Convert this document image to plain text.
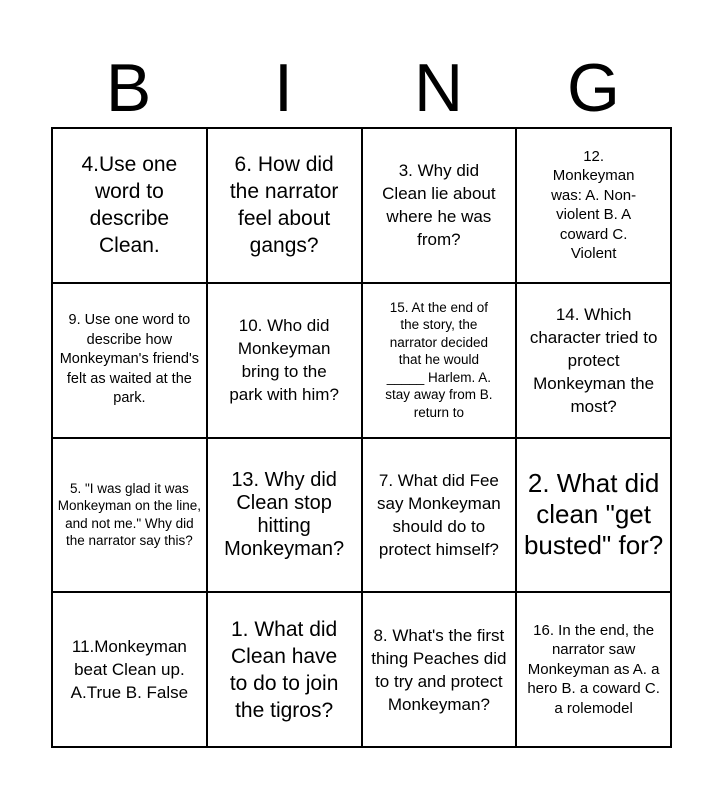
B	I	N	G
4.Use one word to describe Clean.
6. How did the narrator feel about gangs?
3. Why did Clean lie about where he was from?
12. Monkeyman was: A. Non-violent B. A coward C. Violent
9. Use one word to describe how Monkeyman's friend's felt as waited at the park.
10. Who did Monkeyman bring to the park with him?
15. At the end of the story, the narrator decided that he would _____ Harlem. A. stay away from B. return to
14. Which character tried to protect Monkeyman the most?
5. "I was glad it was Monkeyman on the line, and not me." Why did the narrator say this?
13. Why did Clean stop hitting Monkeyman?
7. What did Fee say Monkeyman should do to protect himself?
2. What did clean "get busted" for?
11.Monkeyman beat Clean up. A.True B. False
1. What did Clean have to do to join the tigros?
8. What's the first thing Peaches did to try and protect Monkeyman?
16. In the end, the narrator saw Monkeyman as A. a hero B. a coward C. a rolemodel
